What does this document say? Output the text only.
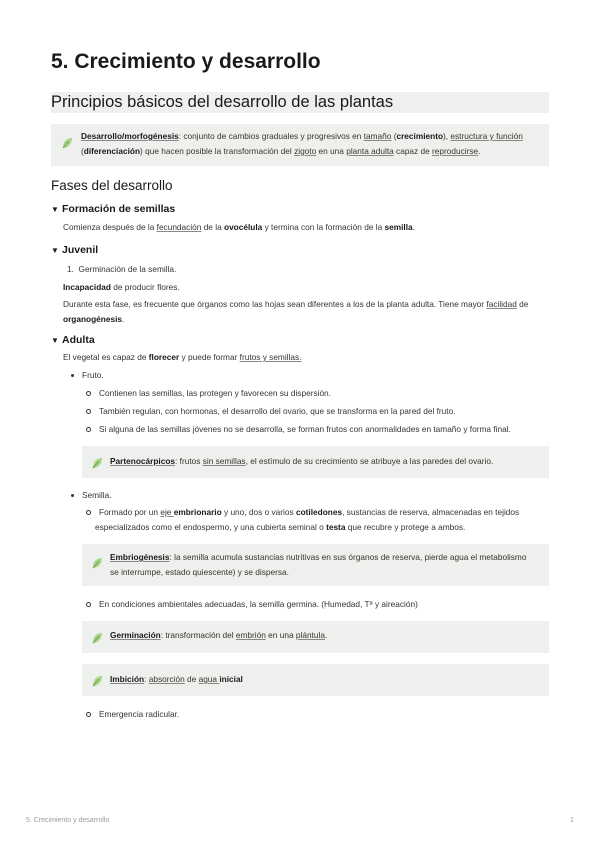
5. Crecimiento y desarrollo
Principios básicos del desarrollo de las plantas
Desarrollo/morfogénesis: conjunto de cambios graduales y progresivos en tamaño (crecimiento), estructura y función
(diferenciación) que hacen posible la transformación del zigoto en una planta adulta capaz de reproducirse.
Fases del desarrollo
▼ Formación de semillas
Comienza después de la fecundación de la ovocélula y termina con la formación de la semilla.
▼ Juvenil
1. Germinación de la semilla.
Incapacidad de producir flores.
Durante esta fase, es frecuente que órganos como las hojas sean diferentes a los de la planta adulta. Tiene mayor facilidad de
organogénesis.
▼ Adulta
El vegetal es capaz de florecer y puede formar frutos y semillas.
Fruto.
Contienen las semillas, las protegen y favorecen su dispersión.
También regulan, con hormonas, el desarrollo del ovario, que se transforma en la pared del fruto.
Si alguna de las semillas jóvenes no se desarrolla, se forman frutos con anormalidades en tamaño y forma final.
Partenocárpicos: frutos sin semillas, el estímulo de su crecimiento se atribuye a las paredes del ovario.
Semilla.
Formado por un eje embrionario y uno, dos o varios cotiledones, sustancias de reserva, almacenadas en tejidos
especializados como el endospermo, y una cubierta seminal o testa que recubre y protege a ambos.
Embriogénesis: la semilla acumula sustancias nutritivas en sus órganos de reserva, pierde agua el metabolismo
se interrumpe, estado quiescente) y se dispersa.
En condiciones ambientales adecuadas, la semilla germina. (Humedad, Tª y aireación)
Germinación: transformación del embrión en una plántula.
Imbición: absorción de agua inicial
Emergencia radicular.
5. Crecimiento y desarrollo	1
